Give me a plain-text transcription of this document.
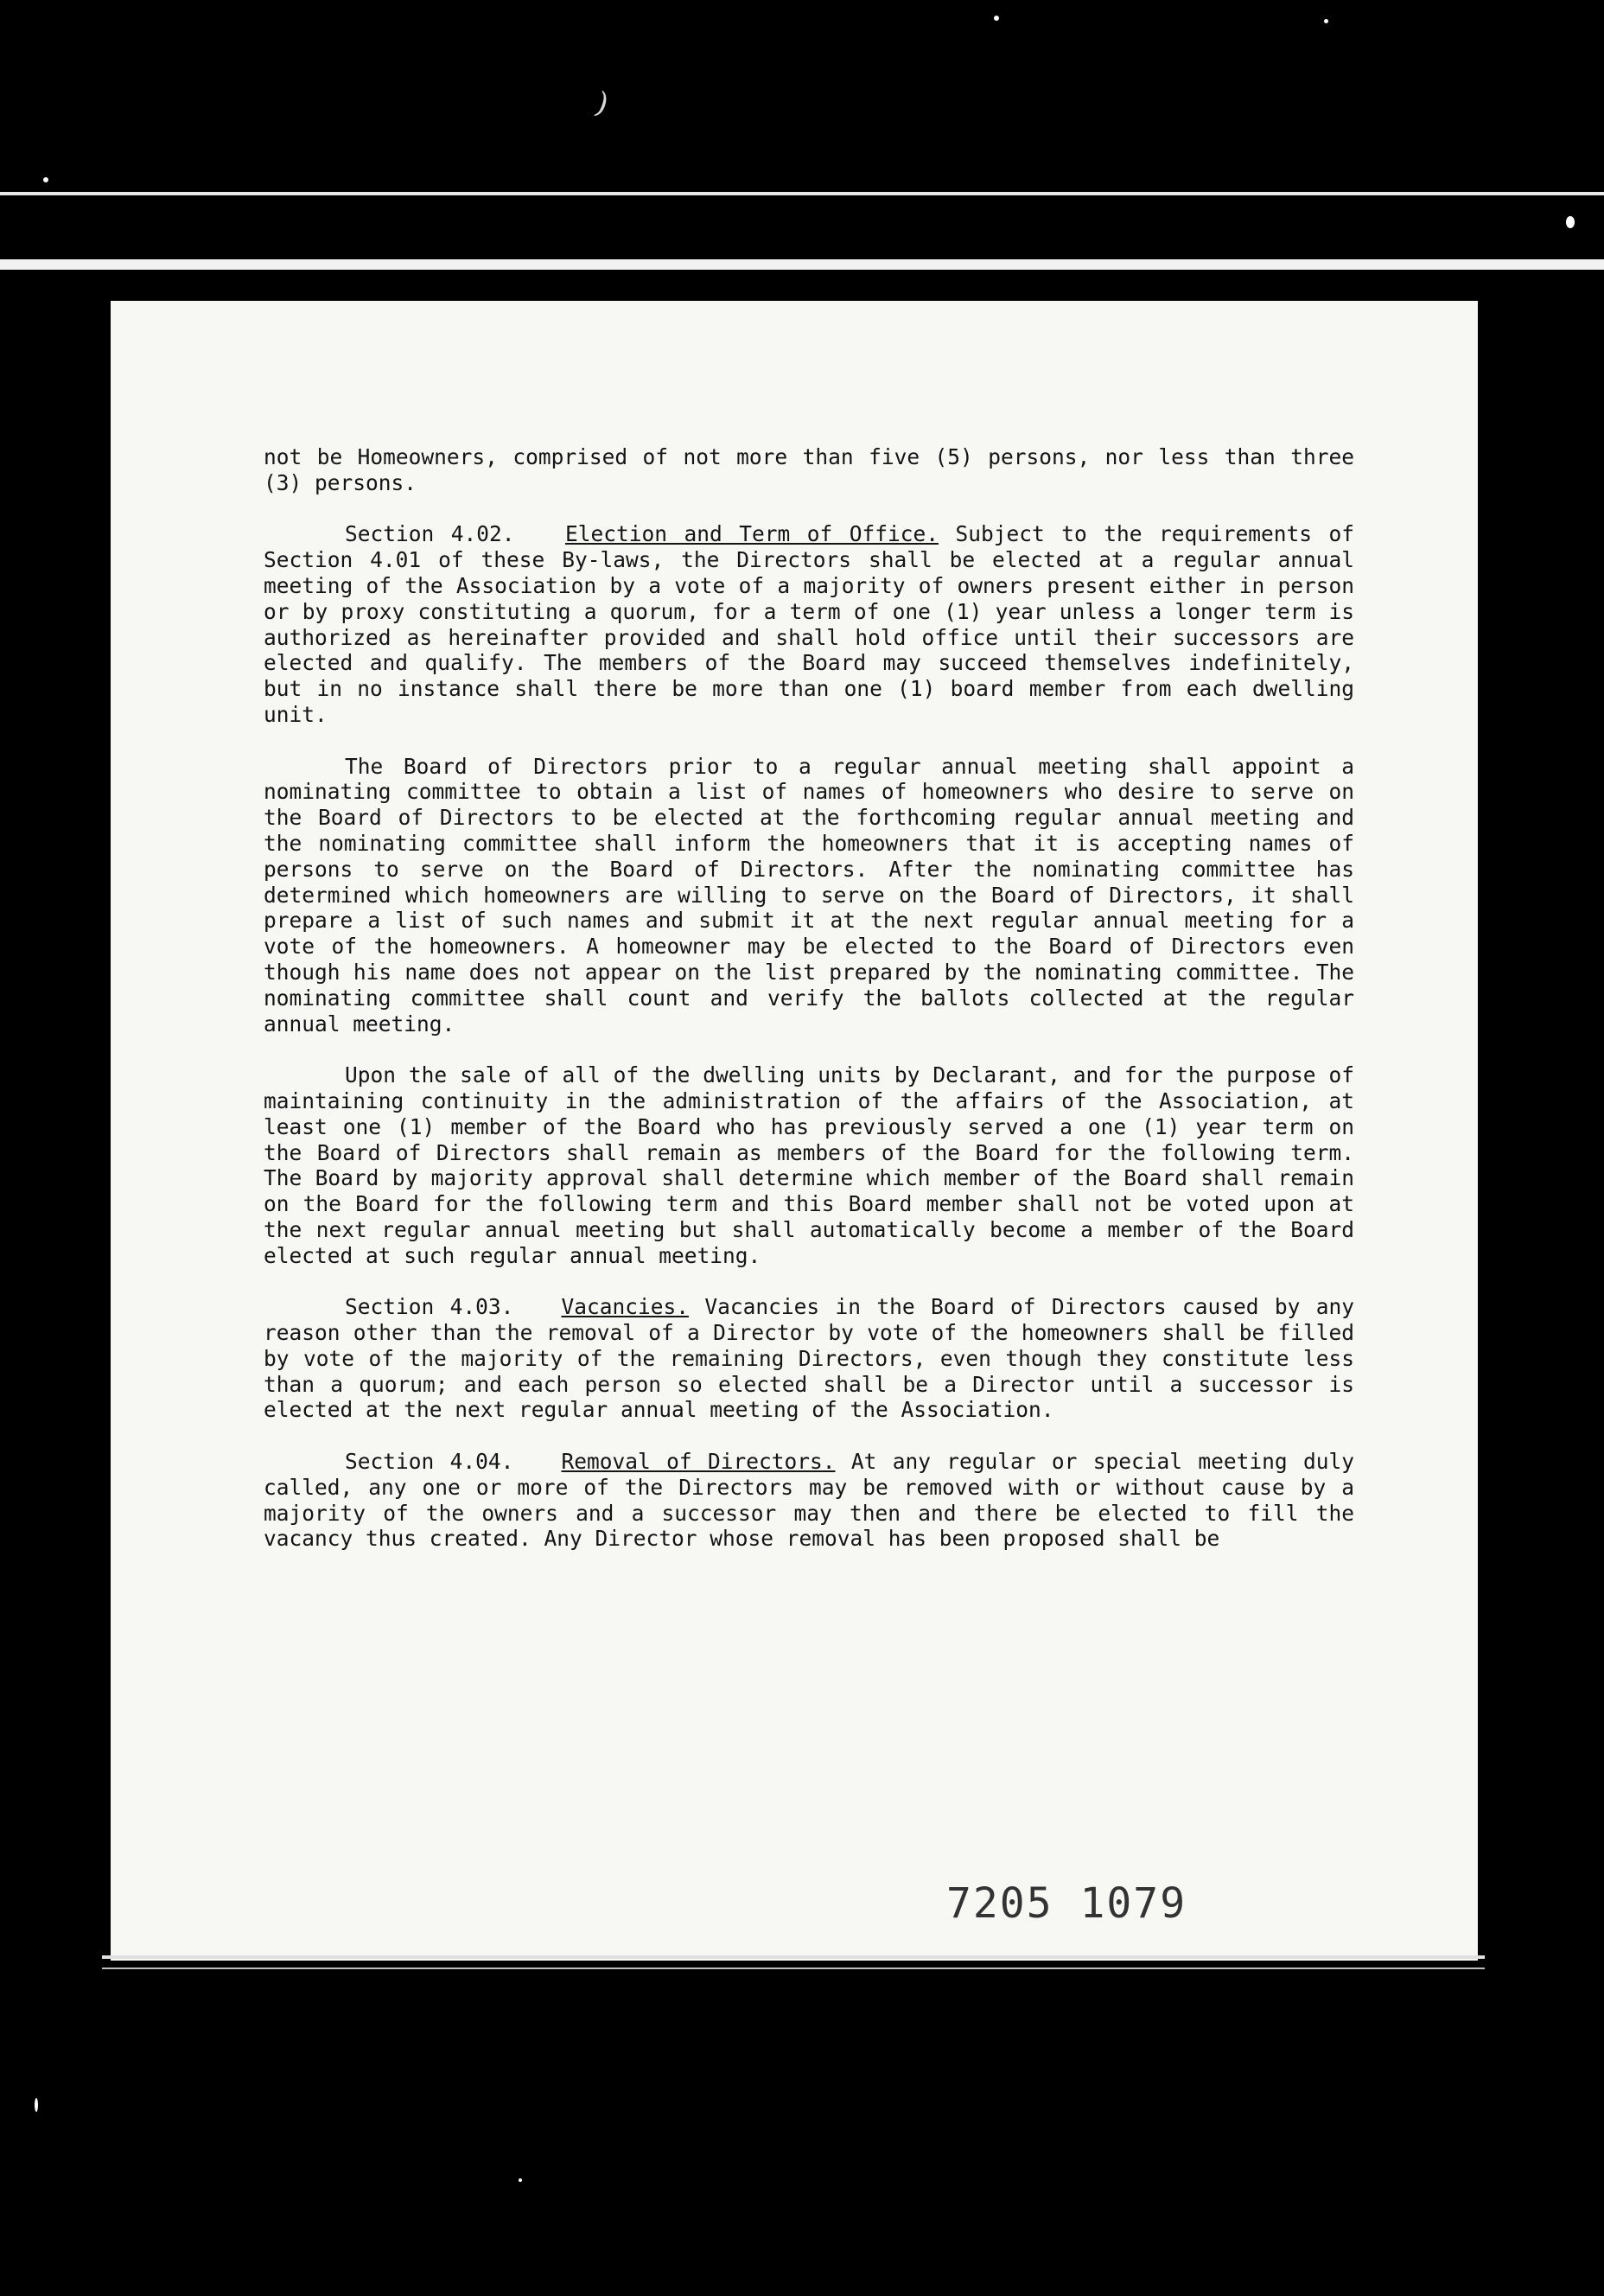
)

not be Homeowners, comprised of not more than five (5) persons, nor less than three (3) persons.

Section 4.02. Election and Term of Office. Subject to the requirements of Section 4.01 of these By-laws, the Directors shall be elected at a regular annual meeting of the Association by a vote of a majority of owners present either in person or by proxy constituting a quorum, for a term of one (1) year unless a longer term is authorized as hereinafter provided and shall hold office until their successors are elected and qualify. The members of the Board may succeed themselves indefinitely, but in no instance shall there be more than one (1) board member from each dwelling unit.

The Board of Directors prior to a regular annual meeting shall appoint a nominating committee to obtain a list of names of homeowners who desire to serve on the Board of Directors to be elected at the forthcoming regular annual meeting and the nominating committee shall inform the homeowners that it is accepting names of persons to serve on the Board of Directors. After the nominating committee has determined which homeowners are willing to serve on the Board of Directors, it shall prepare a list of such names and submit it at the next regular annual meeting for a vote of the homeowners. A homeowner may be elected to the Board of Directors even though his name does not appear on the list prepared by the nominating committee. The nominating committee shall count and verify the ballots collected at the regular annual meeting.

Upon the sale of all of the dwelling units by Declarant, and for the purpose of maintaining continuity in the administration of the affairs of the Association, at least one (1) member of the Board who has previously served a one (1) year term on the Board of Directors shall remain as members of the Board for the following term. The Board by majority approval shall determine which member of the Board shall remain on the Board for the following term and this Board member shall not be voted upon at the next regular annual meeting but shall automatically become a member of the Board elected at such regular annual meeting.

Section 4.03. Vacancies. Vacancies in the Board of Directors caused by any reason other than the removal of a Director by vote of the homeowners shall be filled by vote of the majority of the remaining Directors, even though they constitute less than a quorum; and each person so elected shall be a Director until a successor is elected at the next regular annual meeting of the Association.

Section 4.04. Removal of Directors. At any regular or special meeting duly called, any one or more of the Directors may be removed with or without cause by a majority of the owners and a successor may then and there be elected to fill the vacancy thus created. Any Director whose removal has been proposed shall be

7205 1079
